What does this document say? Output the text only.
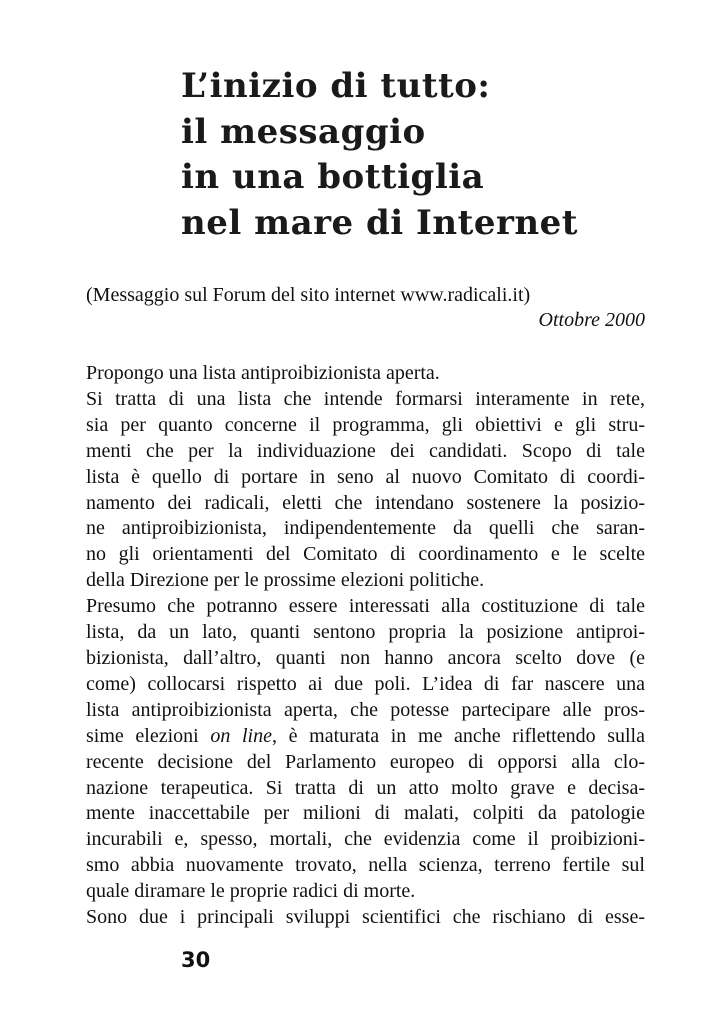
L’inizio di tutto:
il messaggio
in una bottiglia
nel mare di Internet
(Messaggio sul Forum del sito internet www.radicali.it)
Ottobre 2000
Propongo una lista antiproibizionista aperta.
Si tratta di una lista che intende formarsi interamente in rete,
sia per quanto concerne il programma, gli obiettivi e gli stru-
menti che per la individuazione dei candidati. Scopo di tale
lista è quello di portare in seno al nuovo Comitato di coordi-
namento dei radicali, eletti che intendano sostenere la posizio-
ne antiproibizionista, indipendentemente da quelli che saran-
no gli orientamenti del Comitato di coordinamento e le scelte
della Direzione per le prossime elezioni politiche.
Presumo che potranno essere interessati alla costituzione di tale
lista, da un lato, quanti sentono propria la posizione antiproi-
bizionista, dall’altro, quanti non hanno ancora scelto dove (e
come) collocarsi rispetto ai due poli. L’idea di far nascere una
lista antiproibizionista aperta, che potesse partecipare alle pros-
sime elezioni on line, è maturata in me anche riflettendo sulla
recente decisione del Parlamento europeo di opporsi alla clo-
nazione terapeutica. Si tratta di un atto molto grave e decisa-
mente inaccettabile per milioni di malati, colpiti da patologie
incurabili e, spesso, mortali, che evidenzia come il proibizioni-
smo abbia nuovamente trovato, nella scienza, terreno fertile sul
quale diramare le proprie radici di morte.
Sono due i principali sviluppi scientifici che rischiano di esse-
30
